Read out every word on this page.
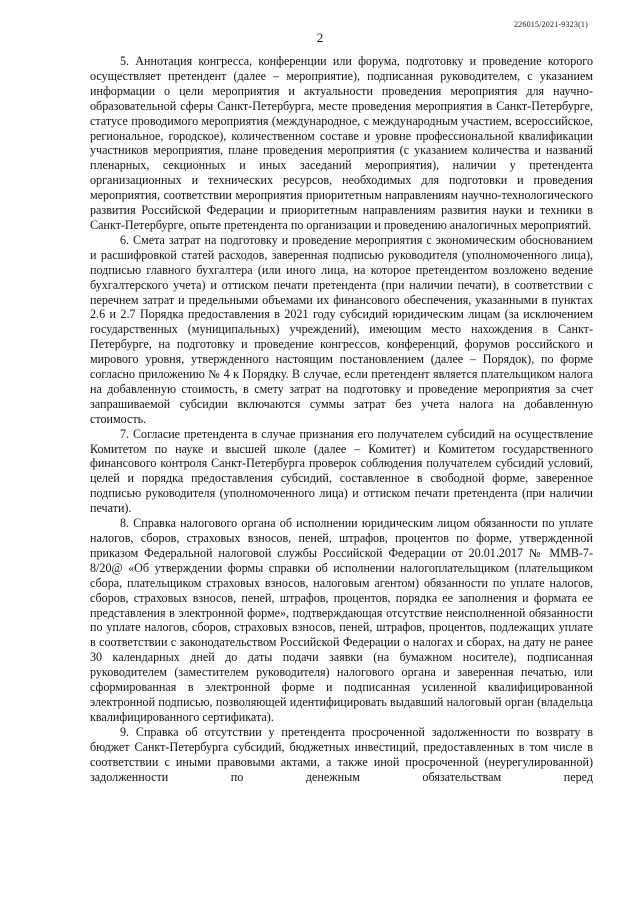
226015/2021-9323(1)
2

5. Аннотация конгресса, конференции или форума, подготовку и проведение которого осуществляет претендент (далее – мероприятие), подписанная руководителем, с указанием информации о цели мероприятия и актуальности проведения мероприятия для научно-образовательной сферы Санкт-Петербурга, месте проведения мероприятия в Санкт-Петербурге, статусе проводимого мероприятия (международное, с международным участием, всероссийское, региональное, городское), количественном составе и уровне профессиональной квалификации участников мероприятия, плане проведения мероприятия (с указанием количества и названий пленарных, секционных и иных заседаний мероприятия), наличии у претендента организационных и технических ресурсов, необходимых для подготовки и проведения мероприятия, соответствии мероприятия приоритетным направлениям научно-технологического развития Российской Федерации и приоритетным направлениям развития науки и техники в Санкт-Петербурге, опыте претендента по организации и проведению аналогичных мероприятий.

6. Смета затрат на подготовку и проведение мероприятия с экономическим обоснованием и расшифровкой статей расходов, заверенная подписью руководителя (уполномоченного лица), подписью главного бухгалтера (или иного лица, на которое претендентом возложено ведение бухгалтерского учета) и оттиском печати претендента (при наличии печати), в соответствии с перечнем затрат и предельными объемами их финансового обеспечения, указанными в пунктах 2.6 и 2.7 Порядка предоставления в 2021 году субсидий юридическим лицам (за исключением государственных (муниципальных) учреждений), имеющим место нахождения в Санкт-Петербурге, на подготовку и проведение конгрессов, конференций, форумов российского и мирового уровня, утвержденного настоящим постановлением (далее – Порядок), по форме согласно приложению № 4 к Порядку. В случае, если претендент является плательщиком налога на добавленную стоимость, в смету затрат на подготовку и проведение мероприятия за счет запрашиваемой субсидии включаются суммы затрат без учета налога на добавленную стоимость.

7. Согласие претендента в случае признания его получателем субсидий на осуществление Комитетом по науке и высшей школе (далее – Комитет) и Комитетом государственного финансового контроля Санкт-Петербурга проверок соблюдения получателем субсидий условий, целей и порядка предоставления субсидий, составленное в свободной форме, заверенное подписью руководителя (уполномоченного лица) и оттиском печати претендента (при наличии печати).

8. Справка налогового органа об исполнении юридическим лицом обязанности по уплате налогов, сборов, страховых взносов, пеней, штрафов, процентов по форме, утвержденной приказом Федеральной налоговой службы Российской Федерации от 20.01.2017 № ММВ-7-8/20@ «Об утверждении формы справки об исполнении налогоплательщиком (плательщиком сбора, плательщиком страховых взносов, налоговым агентом) обязанности по уплате налогов, сборов, страховых взносов, пеней, штрафов, процентов, порядка ее заполнения и формата ее представления в электронной форме», подтверждающая отсутствие неисполненной обязанности по уплате налогов, сборов, страховых взносов, пеней, штрафов, процентов, подлежащих уплате в соответствии с законодательством Российской Федерации о налогах и сборах, на дату не ранее 30 календарных дней до даты подачи заявки (на бумажном носителе), подписанная руководителем (заместителем руководителя) налогового органа и заверенная печатью, или сформированная в электронной форме и подписанная усиленной квалифицированной электронной подписью, позволяющей идентифицировать выдавший налоговый орган (владельца квалифицированного сертификата).

9. Справка об отсутствии у претендента просроченной задолженности по возврату в бюджет Санкт-Петербурга субсидий, бюджетных инвестиций, предоставленных в том числе в соответствии с иными правовыми актами, а также иной просроченной (неурегулированной) задолженности по денежным обязательствам перед
